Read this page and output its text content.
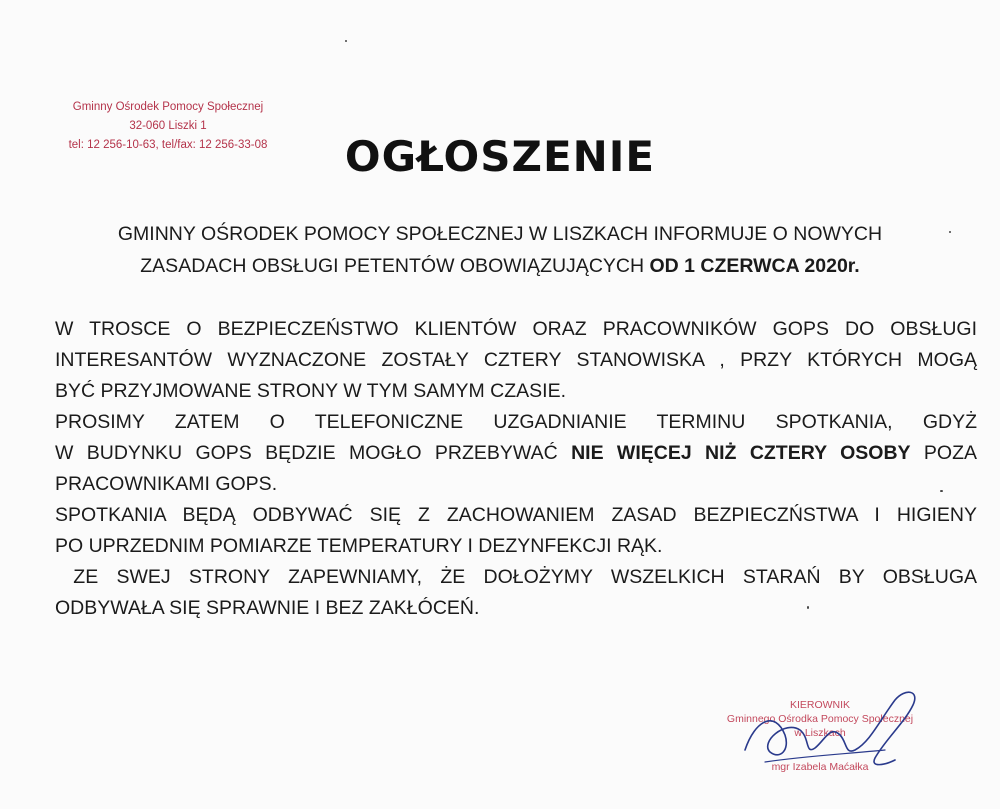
Gminny Ośrodek Pomocy Społecznej
32-060 Liszki 1
tel: 12 256-10-63, tel/fax: 12 256-33-08	OGŁOSZENIE
GMINNY OŚRODEK POMOCY SPOŁECZNEJ W LISZKACH INFORMUJE O NOWYCH
ZASADACH OBSŁUGI PETENTÓW OBOWIĄZUJĄCYCH OD 1 CZERWCA 2020r.

W TROSCE O BEZPIECZEŃSTWO KLIENTÓW ORAZ PRACOWNIKÓW GOPS DO OBSŁUGI

INTERESANTÓW WYZNACZONE ZOSTAŁY CZTERY STANOWISKA , PRZY KTÓRYCH MOGĄ

BYĆ PRZYJMOWANE STRONY W TYM SAMYM CZASIE.

PROSIMY ZATEM O TELEFONICZNE UZGADNIANIE TERMINU SPOTKANIA, GDYŻ

W BUDYNKU GOPS BĘDZIE MOGŁO PRZEBYWAĆ NIE WIĘCEJ NIŻ CZTERY OSOBY POZA

PRACOWNIKAMI GOPS.

SPOTKANIA BĘDĄ ODBYWAĆ SIĘ Z ZACHOWANIEM ZASAD BEZPIECZŃSTWA I HIGIENY

PO UPRZEDNIM POMIARZE TEMPERATURY I DEZYNFEKCJI RĄK.

ZE SWEJ STRONY ZAPEWNIAMY, ŻE DOŁOŻYMY WSZELKICH STARAŃ BY OBSŁUGA

ODBYWAŁA SIĘ SPRAWNIE I BEZ ZAKŁÓCEŃ.

KIEROWNIK
Gminnego Ośrodka Pomocy Społecznej
w Liszkach
mgr Izabela Maćałka
